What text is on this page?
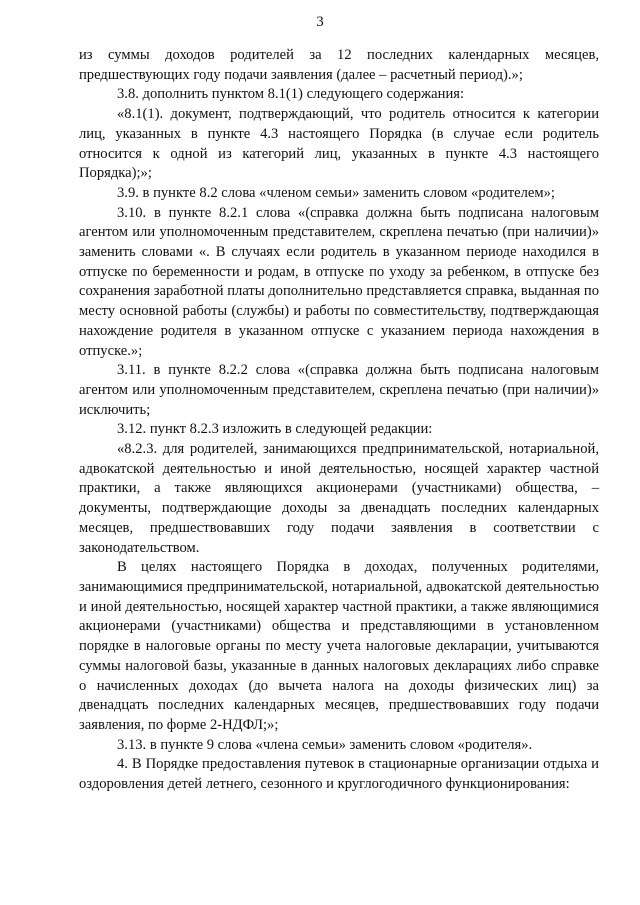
3

из суммы доходов родителей за 12 последних календарных месяцев, предшествующих году подачи заявления (далее – расчетный период).»;

3.8. дополнить пунктом 8.1(1) следующего содержания:

«8.1(1). документ, подтверждающий, что родитель относится к категории лиц, указанных в пункте 4.3 настоящего Порядка (в случае если родитель относится к одной из категорий лиц, указанных в пункте 4.3 настоящего Порядка);»;

3.9. в пункте 8.2 слова «членом семьи» заменить словом «родителем»;

3.10. в пункте 8.2.1 слова «(справка должна быть подписана налоговым агентом или уполномоченным представителем, скреплена печатью (при наличии)» заменить словами «. В случаях если родитель в указанном периоде находился в отпуске по беременности и родам, в отпуске по уходу за ребенком, в отпуске без сохранения заработной платы дополнительно представляется справка, выданная по месту основной работы (службы) и работы по совместительству, подтверждающая нахождение родителя в указанном отпуске с указанием периода нахождения в отпуске.»;

3.11. в пункте 8.2.2 слова «(справка должна быть подписана налоговым агентом или уполномоченным представителем, скреплена печатью (при наличии)» исключить;

3.12. пункт 8.2.3 изложить в следующей редакции:

«8.2.3. для родителей, занимающихся предпринимательской, нотариальной, адвокатской деятельностью и иной деятельностью, носящей характер частной практики, а также являющихся акционерами (участниками) общества, – документы, подтверждающие доходы за двенадцать последних календарных месяцев, предшествовавших году подачи заявления в соответствии с законодательством.

В целях настоящего Порядка в доходах, полученных родителями, занимающимися предпринимательской, нотариальной, адвокатской деятельностью и иной деятельностью, носящей характер частной практики, а также являющимися акционерами (участниками) общества и представляющими в установленном порядке в налоговые органы по месту учета налоговые декларации, учитываются суммы налоговой базы, указанные в данных налоговых декларациях либо справке о начисленных доходах (до вычета налога на доходы физических лиц) за двенадцать последних календарных месяцев, предшествовавших году подачи заявления, по форме 2-НДФЛ;»;

3.13. в пункте 9 слова «члена семьи» заменить словом «родителя».

4. В Порядке предоставления путевок в стационарные организации отдыха и оздоровления детей летнего, сезонного и круглогодичного функционирования:
